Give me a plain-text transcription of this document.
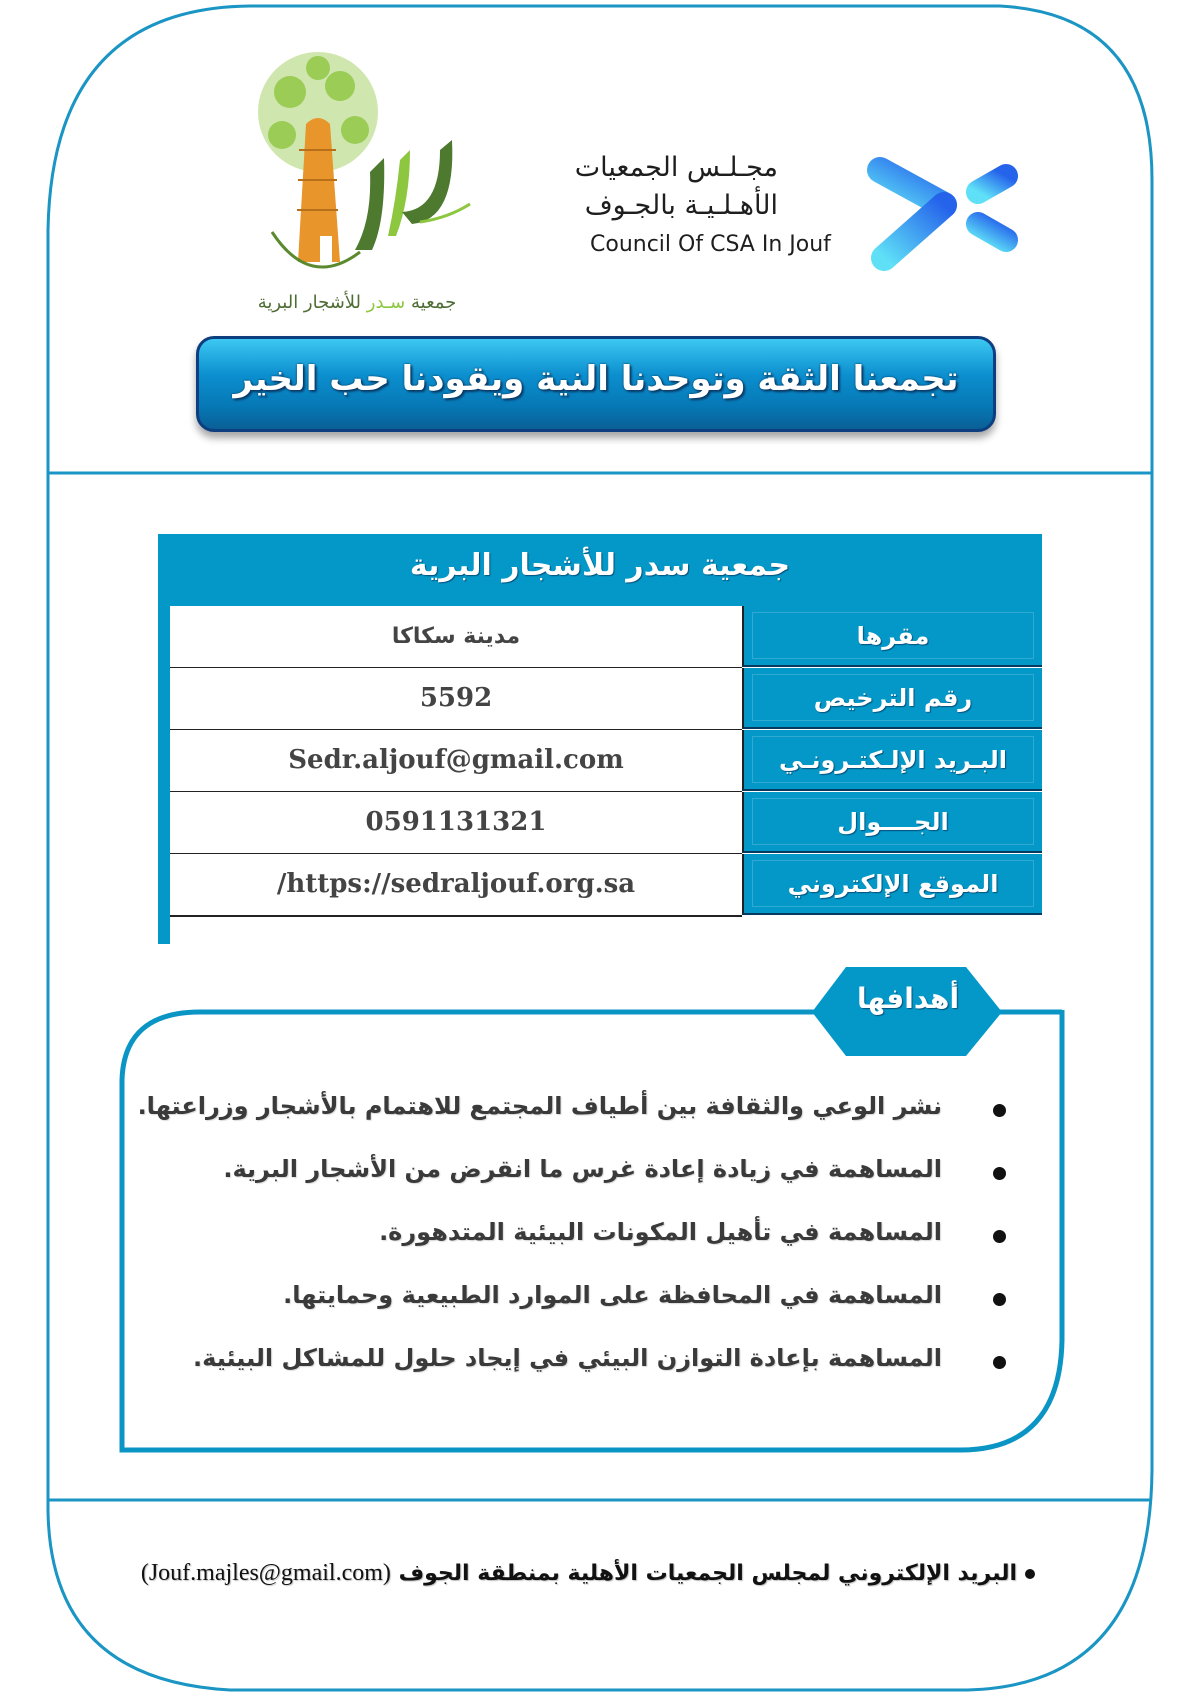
جمعية سـدر للأشجار البرية
مجـلـس الجمعيات
الأهـلـيـة بالجـوف
Council Of CSA In Jouf
تجمعنا الثقة وتوحدنا النية ويقودنا حب الخير
جمعية سدر للأشجار البرية
مدينة سكاكا	مقرها
5592	رقم الترخيص
Sedr.aljouf@gmail.com	البـريد الإلـكتـرونـي
0591131321	الجــــوال
/https://sedraljouf.org.sa	الموقع الإلكتروني
أهدافها
نشر الوعي والثقافة بين أطياف المجتمع للاهتمام بالأشجار وزراعتها.
المساهمة في زيادة إعادة غرس ما انقرض من الأشجار البرية.
المساهمة في تأهيل المكونات البيئية المتدهورة.
المساهمة في المحافظة على الموارد الطبيعية وحمايتها.
المساهمة بإعادة التوازن البيئي في إيجاد حلول للمشاكل البيئية.
البريد الإلكتروني لمجلس الجمعيات الأهلية بمنطقة الجوف (Jouf.majles@gmail.com)
